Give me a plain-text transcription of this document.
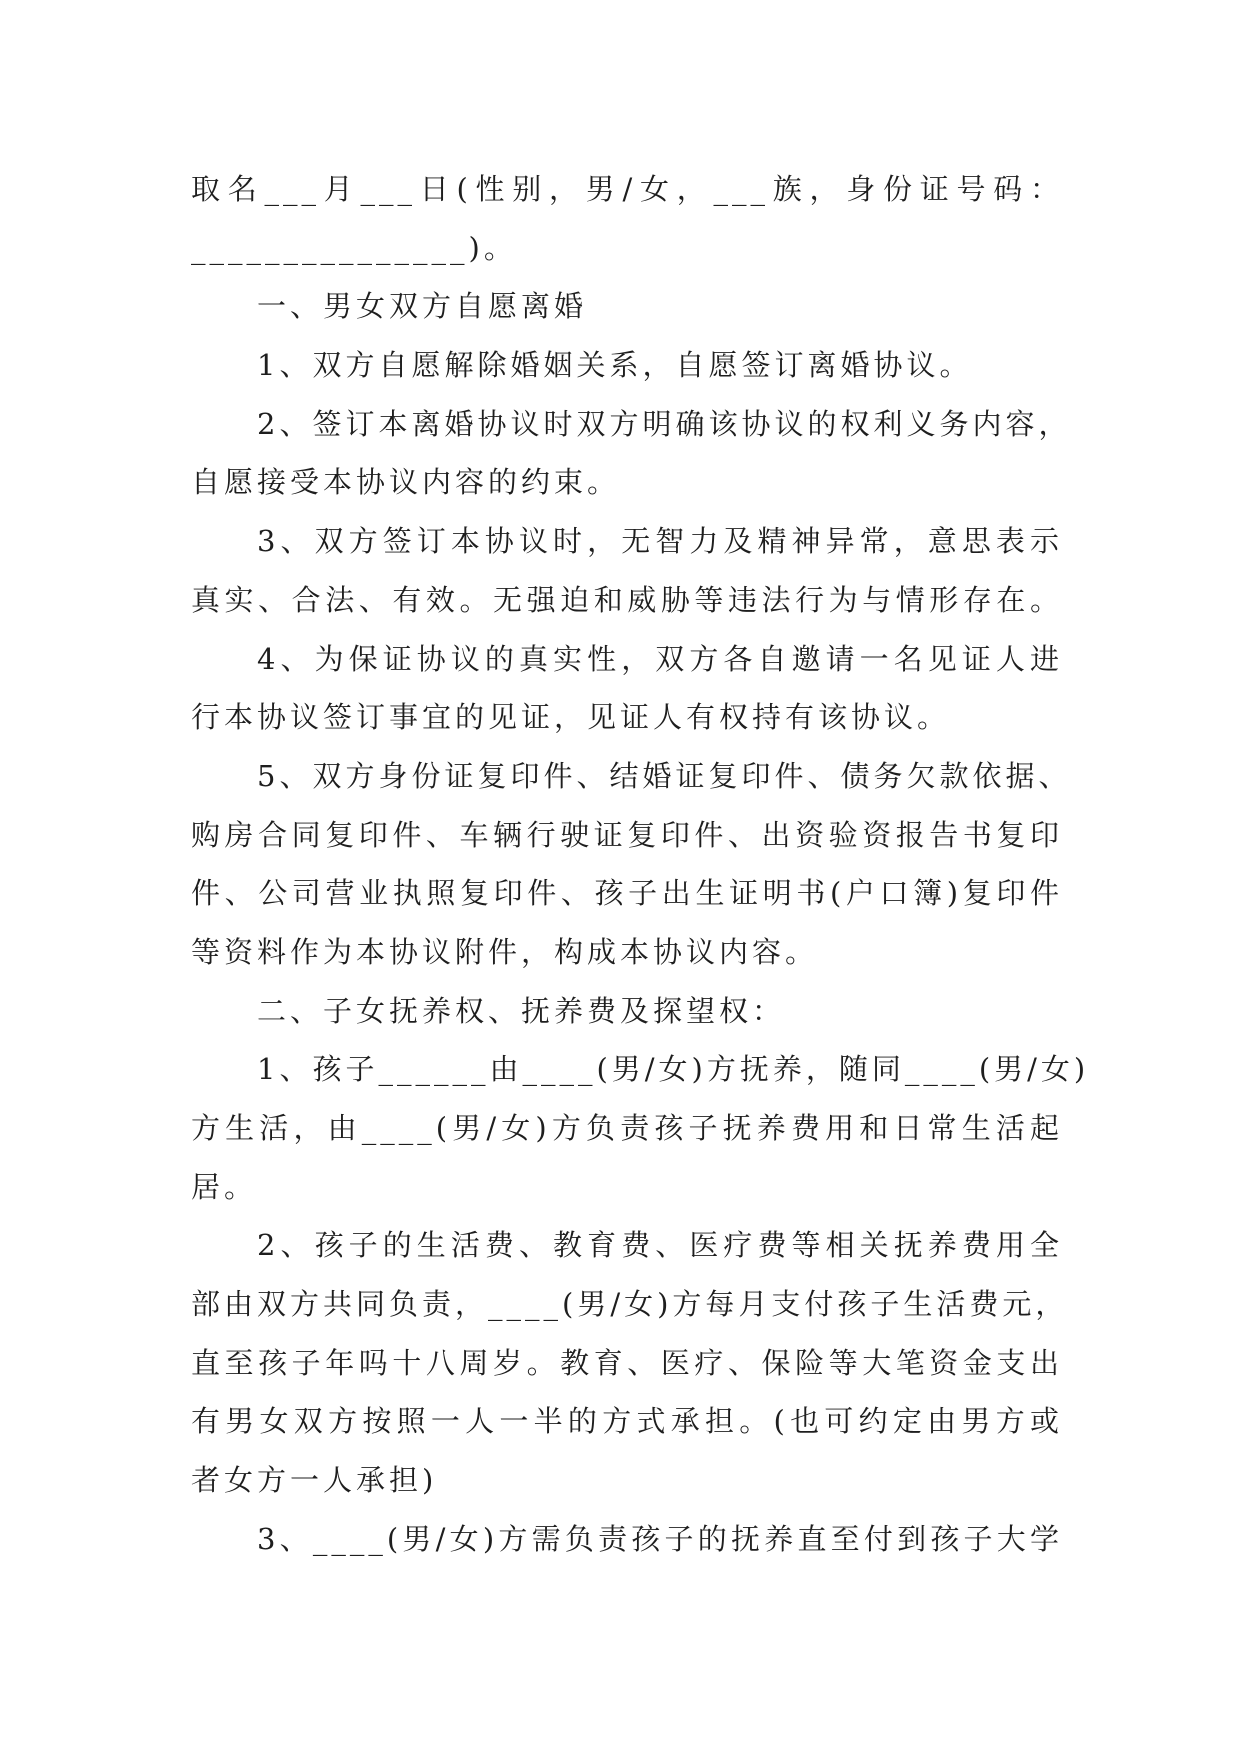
取名___月___日(性别，男/女，___族，身份证号码：
_______________)。
一、男女双方自愿离婚
1、双方自愿解除婚姻关系，自愿签订离婚协议。
2、签订本离婚协议时双方明确该协议的权利义务内容，
自愿接受本协议内容的约束。
3、双方签订本协议时，无智力及精神异常，意思表示
真实、合法、有效。无强迫和威胁等违法行为与情形存在。
4、为保证协议的真实性，双方各自邀请一名见证人进
行本协议签订事宜的见证，见证人有权持有该协议。
5、双方身份证复印件、结婚证复印件、债务欠款依据、
购房合同复印件、车辆行驶证复印件、出资验资报告书复印
件、公司营业执照复印件、孩子出生证明书(户口簿)复印件
等资料作为本协议附件，构成本协议内容。
二、子女抚养权、抚养费及探望权：
1、孩子______由____(男/女)方抚养，随同____(男/女)
方生活，由____(男/女)方负责孩子抚养费用和日常生活起
居。
2、孩子的生活费、教育费、医疗费等相关抚养费用全
部由双方共同负责，____(男/女)方每月支付孩子生活费元，
直至孩子年吗十八周岁。教育、医疗、保险等大笔资金支出
有男女双方按照一人一半的方式承担。(也可约定由男方或
者女方一人承担)
3、____(男/女)方需负责孩子的抚养直至付到孩子大学
